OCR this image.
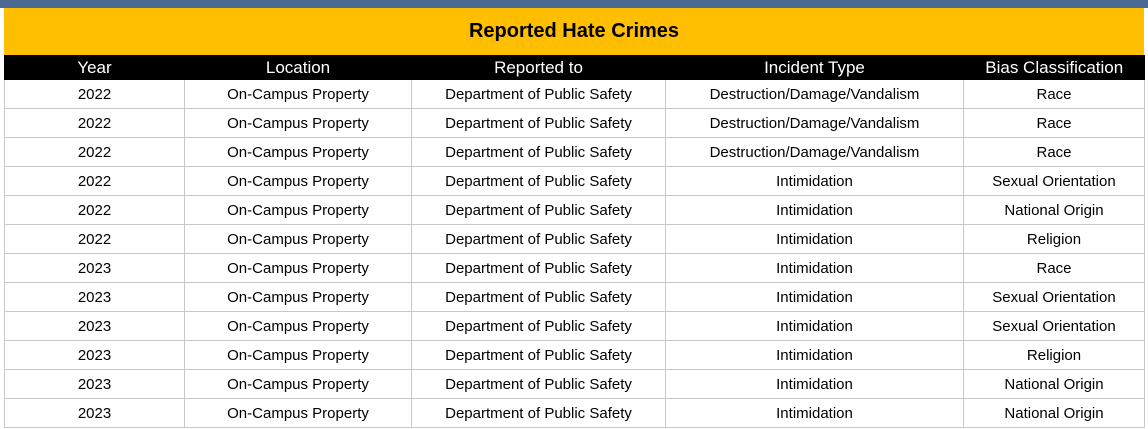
Reported Hate Crimes
Year	Location	Reported to	Incident Type	Bias Classification
2022	On-Campus Property	Department of Public Safety	Destruction/Damage/Vandalism	Race
2022	On-Campus Property	Department of Public Safety	Destruction/Damage/Vandalism	Race
2022	On-Campus Property	Department of Public Safety	Destruction/Damage/Vandalism	Race
2022	On-Campus Property	Department of Public Safety	Intimidation	Sexual Orientation
2022	On-Campus Property	Department of Public Safety	Intimidation	National Origin
2022	On-Campus Property	Department of Public Safety	Intimidation	Religion
2023	On-Campus Property	Department of Public Safety	Intimidation	Race
2023	On-Campus Property	Department of Public Safety	Intimidation	Sexual Orientation
2023	On-Campus Property	Department of Public Safety	Intimidation	Sexual Orientation
2023	On-Campus Property	Department of Public Safety	Intimidation	Religion
2023	On-Campus Property	Department of Public Safety	Intimidation	National Origin
2023	On-Campus Property	Department of Public Safety	Intimidation	National Origin
